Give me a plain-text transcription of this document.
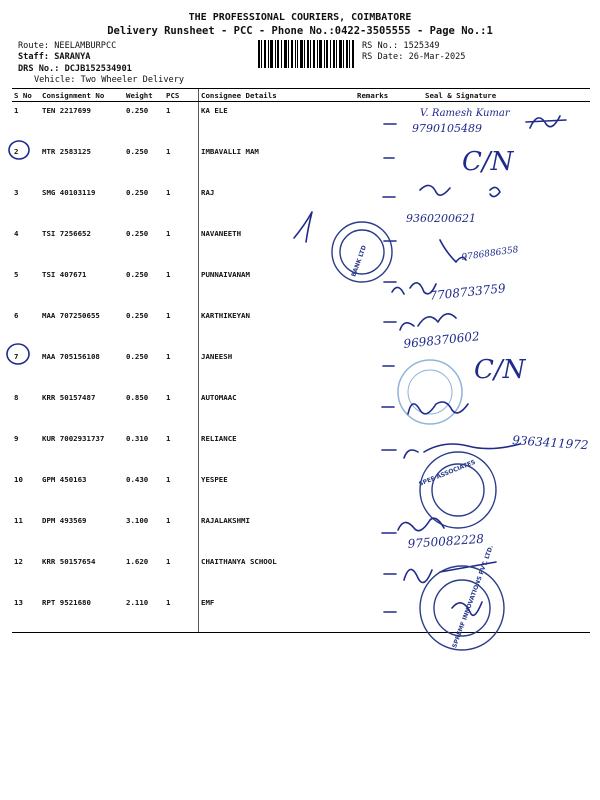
THE PROFESSIONAL COURIERS, COIMBATORE
Delivery Runsheet - PCC - Phone No.:0422-3505555 - Page No.:1
Route: NEELAMBURPCC
Staff: SARANYA
DRS No.: DCJB152534901
Vehicle: Two Wheeler Delivery
RS No.: 1525349
RS Date: 26-Mar-2025
S No	Consignment No	Weight	PCS	Consignee Details	Remarks	Seal & Signature
1	TEN 2217699	0.250	1	KA ELE		
2	MTR 2583125	0.250	1	IMBAVALLI MAM		
3	SMG 40103119	0.250	1	RAJ		
4	TSI 7256652	0.250	1	NAVANEETH		
5	TSI 407671	0.250	1	PUNNAIVANAM		
6	MAA 707250655	0.250	1	KARTHIKEYAN		
7	MAA 705156108	0.250	1	JANEESH		
8	KRR 50157487	0.850	1	AUTOMAAC		
9	KUR 7002931737	0.310	1	RELIANCE		
10	GPM 450163	0.430	1	YESPEE		
11	DPM 493569	3.100	1	RAJALAKSHMI		
12	KRR 50157654	1.620	1	CHAITHANYA SCHOOL		
13	RPT 9521680	2.110	1	EMF		
V. Ramesh Kumar
9790105489
C/N
9360200621
9786886358
BANK LTD
7708733759
9698370602
C/N
9363411972
SPEE ASSOCIATES
9750082228
SPREMF INNOVATIONS PVT. LTD.
